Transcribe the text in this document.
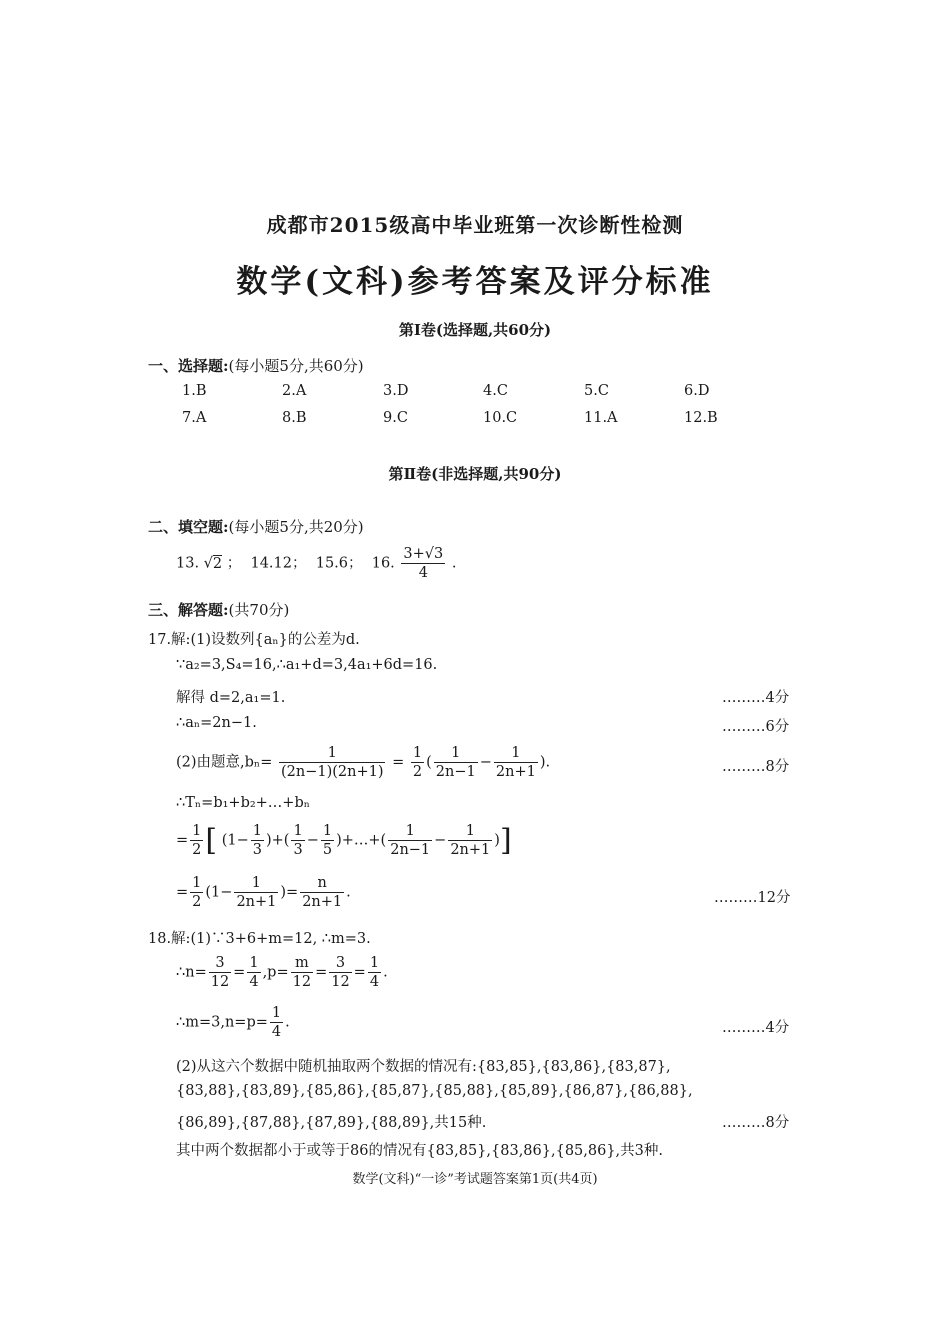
成都市2015级高中毕业班第一次诊断性检测
数学(文科)参考答案及评分标准
第Ⅰ卷(选择题,共60分)
一、选择题:(每小题5分,共60分)
1.B	2.A	3.D	4.C	5.C	6.D
7.A	8.B	9.C	10.C	11.A	12.B
第Ⅱ卷(非选择题,共90分)
二、填空题:(每小题5分,共20分)
13. √2 ； 14.12； 15.6； 16. $\frac{3+√3}{4}$ .
三、解答题:(共70分)
17.解:(1)设数列{aₙ}的公差为d.
∵a₂=3,S₄=16,∴a₁+d=3,4a₁+6d=16.
解得 d=2,a₁=1.	………4分
∴aₙ=2n−1.	………6分
(2)由题意$,b_n= \frac{1}{(2n-1)(2n+1)} = \frac{1}{2}$ ( $\frac{1}{2n-1} - \frac{1}{2n+1}$ ).	………8分
∴Tₙ=b₁+b₂+…+bₙ
= $\frac{1}{2}$ [ ($1- \frac{1}{3}$ )+( $\frac{1}{3} - \frac{1}{5}$ )+…+( $\frac{1}{2n-1} - \frac{1}{2n+1}$ )]
= $\frac{1}{2} (1- \frac{1}{2n+1}$ )= $\frac{n}{2n+1}$ .	………12分
18.解:(1)∵3+6+m=12, ∴m=3.
∴n= $\frac{3}{12} = \frac{1}{4} ,p= \frac{m}{12} = \frac{3}{12} = \frac{1}{4}$ .
∴m=3,n=p= $\frac{1}{4}$ .	………4分
(2)从这六个数据中随机抽取两个数据的情况有:{83,85},{83,86},{83,87},
{83,88},{83,89},{85,86},{85,87},{85,88},{85,89},{86,87},{86,88},
{86,89},{87,88},{87,89},{88,89},共15种.	………8分
其中两个数据都小于或等于86的情况有{83,85},{83,86},{85,86},共3种.
数学(文科)“一诊”考试题答案第1页(共4页)
